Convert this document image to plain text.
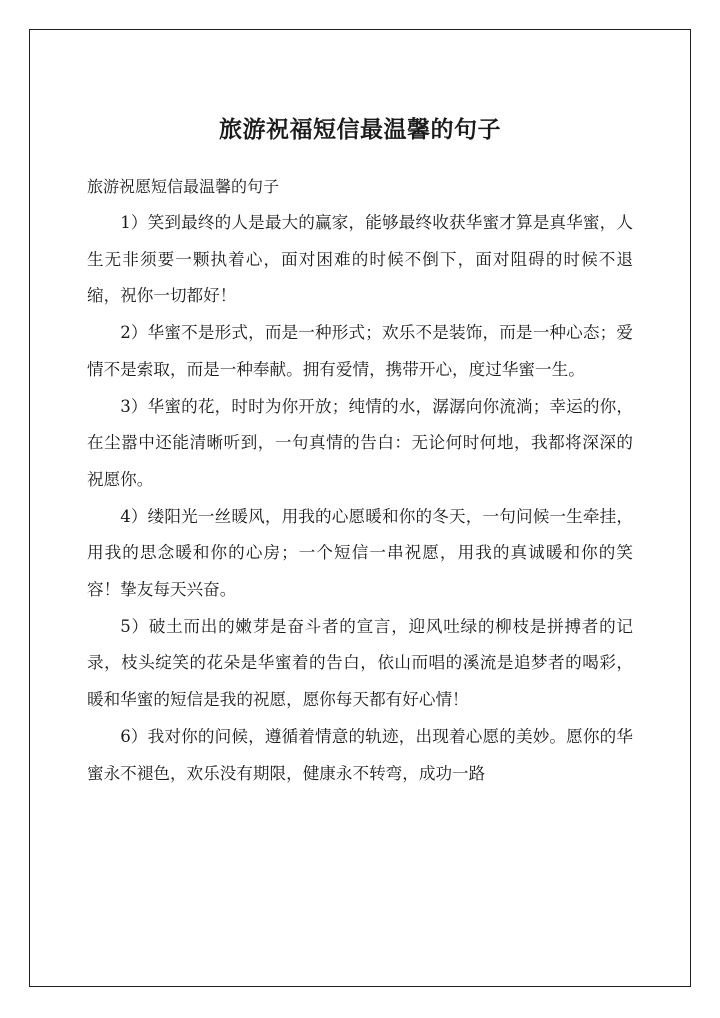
旅游祝福短信最温馨的句子

旅游祝愿短信最温馨的句子

1）笑到最终的人是最大的赢家，能够最终收获华蜜才算是真华蜜，人生无非须要一颗执着心，面对困难的时候不倒下，面对阻碍的时候不退缩，祝你一切都好！

2）华蜜不是形式，而是一种形式；欢乐不是装饰，而是一种心态；爱情不是索取，而是一种奉献。拥有爱情，携带开心，度过华蜜一生。

3）华蜜的花，时时为你开放；纯情的水，潺潺向你流淌；幸运的你，在尘嚣中还能清晰听到，一句真情的告白：无论何时何地，我都将深深的祝愿你。

4）缕阳光一丝暖风，用我的心愿暖和你的冬天，一句问候一生牵挂，用我的思念暖和你的心房；一个短信一串祝愿，用我的真诚暖和你的笑容！挚友每天兴奋。

5）破土而出的嫩芽是奋斗者的宣言，迎风吐绿的柳枝是拼搏者的记录，枝头绽笑的花朵是华蜜着的告白，依山而唱的溪流是追梦者的喝彩，暖和华蜜的短信是我的祝愿，愿你每天都有好心情！

6）我对你的问候，遵循着情意的轨迹，出现着心愿的美妙。愿你的华蜜永不褪色，欢乐没有期限，健康永不转弯，成功一路
